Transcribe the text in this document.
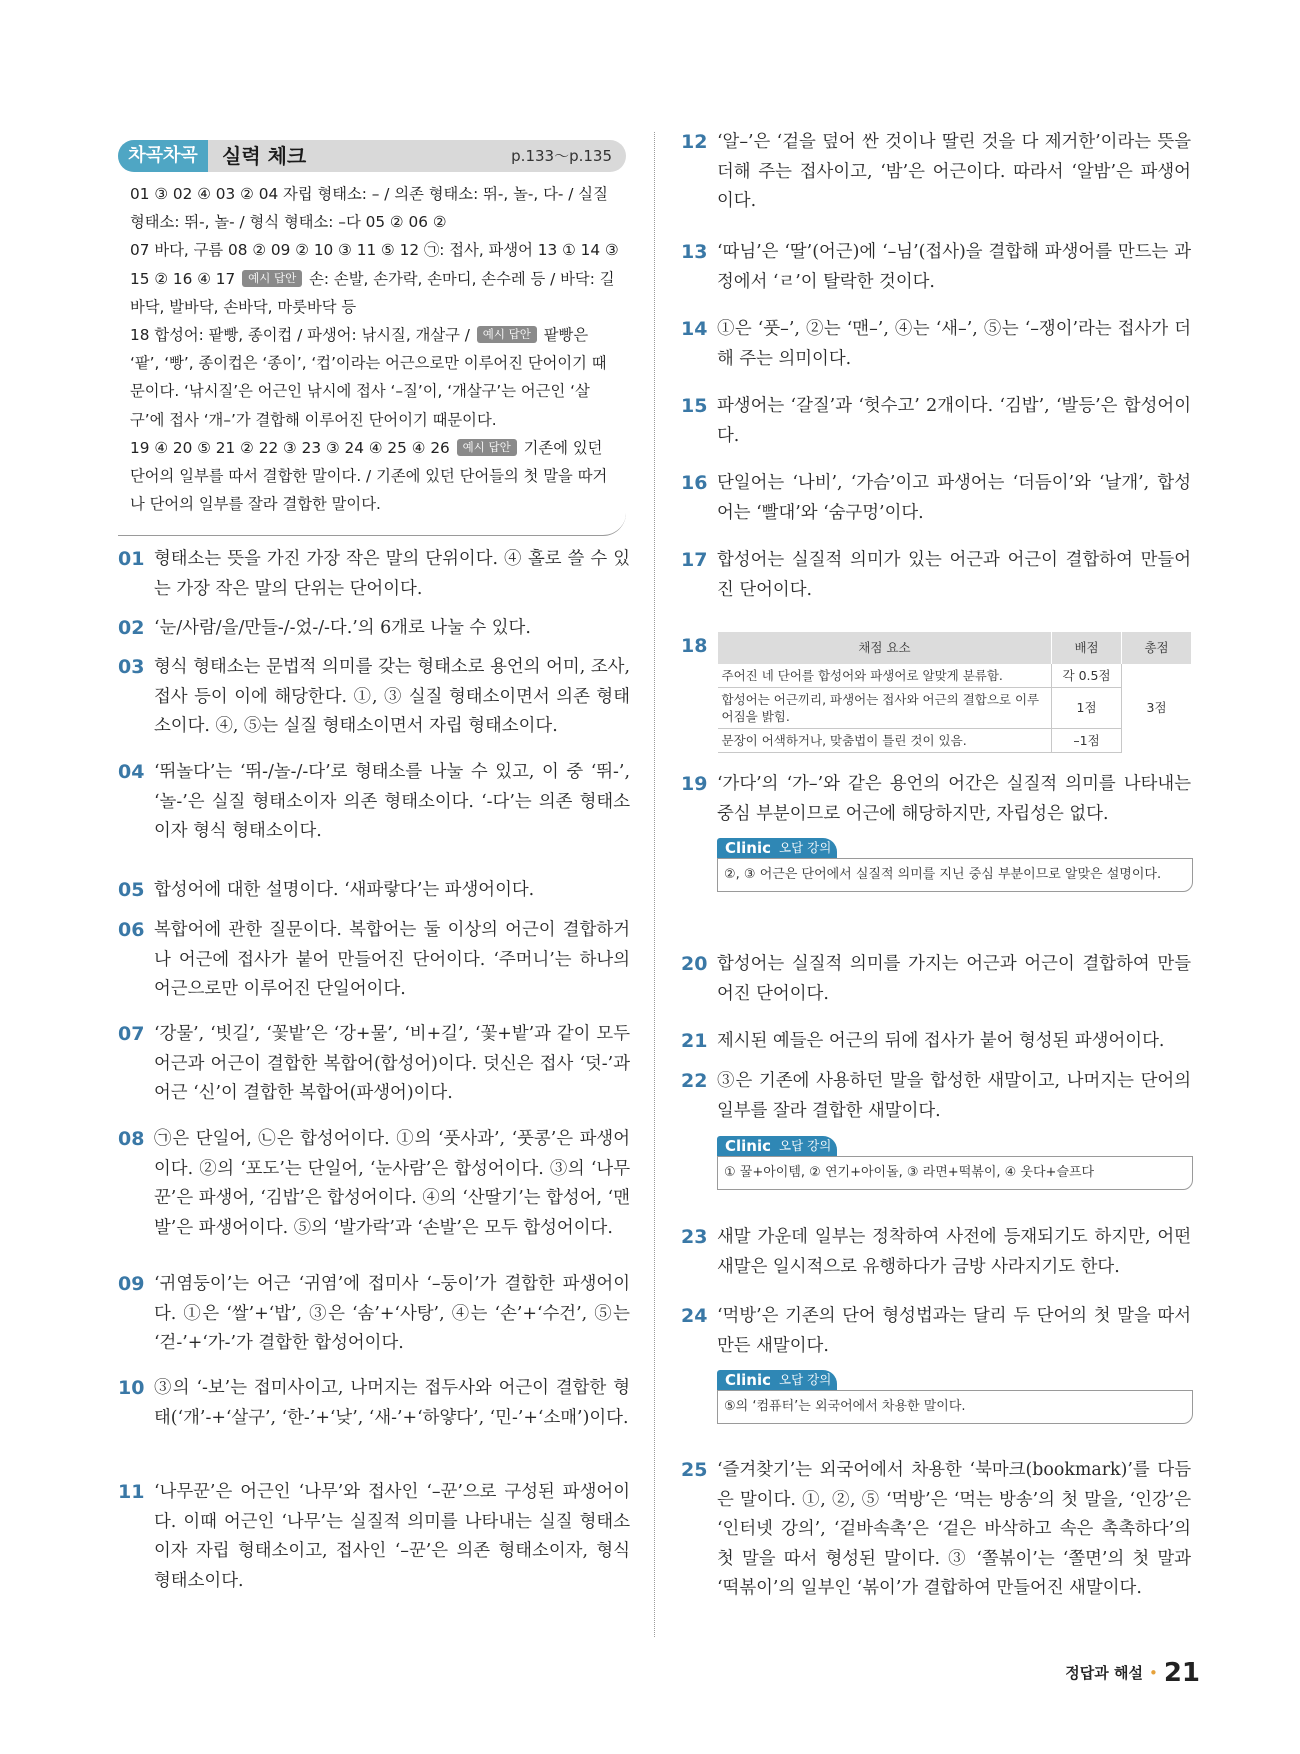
차곡차곡	실력 체크	p.133～p.135
01 ③ 02 ④ 03 ② 04 자립 형태소: – / 의존 형태소: 뛰-, 놀-, 다- / 실질 형태소: 뛰-, 놀- / 형식 형태소: –다 05 ② 06 ②
07 바다, 구름 08 ② 09 ② 10 ③ 11 ⑤ 12 ㉠: 접사, 파생어 13 ① 14 ③ 15 ② 16 ④ 17 예시 답안 손: 손발, 손가락, 손마디, 손수레 등 / 바닥: 길바닥, 발바닥, 손바닥, 마룻바닥 등
18 합성어: 팥빵, 종이컵 / 파생어: 낚시질, 개살구 / 예시 답안 팥빵은 ‘팥’, ‘빵’, 종이컵은 ‘종이’, ‘컵’이라는 어근으로만 이루어진 단어이기 때문이다. ‘낚시질’은 어근인 낚시에 접사 ‘–질’이, ‘개살구’는 어근인 ‘살구’에 접사 ‘개–’가 결합해 이루어진 단어이기 때문이다.
19 ④ 20 ⑤ 21 ② 22 ③ 23 ③ 24 ④ 25 ④ 26 예시 답안 기존에 있던 단어의 일부를 따서 결합한 말이다. / 기존에 있던 단어들의 첫 말을 따거나 단어의 일부를 잘라 결합한 말이다.
01 형태소는 뜻을 가진 가장 작은 말의 단위이다. ④ 홀로 쓸 수 있는 가장 작은 말의 단위는 단어이다.
02 ‘눈/사람/을/만들-/-었-/-다.’의 6개로 나눌 수 있다.
03 형식 형태소는 문법적 의미를 갖는 형태소로 용언의 어미, 조사, 접사 등이 이에 해당한다. ①, ③ 실질 형태소이면서 의존 형태소이다. ④, ⑤는 실질 형태소이면서 자립 형태소이다.
04 ‘뛰놀다’는 ‘뛰-/놀-/-다’로 형태소를 나눌 수 있고, 이 중 ‘뛰-’, ‘놀-’은 실질 형태소이자 의존 형태소이다. ‘-다’는 의존 형태소이자 형식 형태소이다.
05 합성어에 대한 설명이다. ‘새파랗다’는 파생어이다.
06 복합어에 관한 질문이다. 복합어는 둘 이상의 어근이 결합하거나 어근에 접사가 붙어 만들어진 단어이다. ‘주머니’는 하나의 어근으로만 이루어진 단일어이다.
07 ‘강물’, ‘빗길’, ‘꽃밭’은 ‘강+물’, ‘비+길’, ‘꽃+밭’과 같이 모두 어근과 어근이 결합한 복합어(합성어)이다. 덧신은 접사 ‘덧-’과 어근 ‘신’이 결합한 복합어(파생어)이다.
08 ㉠은 단일어, ㉡은 합성어이다. ①의 ‘풋사과’, ‘풋콩’은 파생어이다. ②의 ‘포도’는 단일어, ‘눈사람’은 합성어이다. ③의 ‘나무꾼’은 파생어, ‘김밥’은 합성어이다. ④의 ‘산딸기’는 합성어, ‘맨발’은 파생어이다. ⑤의 ‘발가락’과 ‘손발’은 모두 합성어이다.
09 ‘귀염둥이’는 어근 ‘귀염’에 접미사 ‘–둥이’가 결합한 파생어이다. ①은 ‘쌀’+‘밥’, ③은 ‘솜’+‘사탕’, ④는 ‘손’+‘수건’, ⑤는 ‘걷-’+‘가-’가 결합한 합성어이다.
10 ③의 ‘-보’는 접미사이고, 나머지는 접두사와 어근이 결합한 형태(‘개’-+‘살구’, ‘한-’+‘낮’, ‘새-’+‘하얗다’, ‘민-’+‘소매’)이다.
11 ‘나무꾼’은 어근인 ‘나무’와 접사인 ‘–꾼’으로 구성된 파생어이다. 이때 어근인 ‘나무’는 실질적 의미를 나타내는 실질 형태소이자 자립 형태소이고, 접사인 ‘–꾼’은 의존 형태소이자, 형식 형태소이다.
12 ‘알–’은 ‘겉을 덮어 싼 것이나 딸린 것을 다 제거한’이라는 뜻을 더해 주는 접사이고, ‘밤’은 어근이다. 따라서 ‘알밤’은 파생어이다.
13 ‘따님’은 ‘딸’(어근)에 ‘–님’(접사)을 결합해 파생어를 만드는 과정에서 ‘ㄹ’이 탈락한 것이다.
14 ①은 ‘풋–’, ②는 ‘맨–’, ④는 ‘새–’, ⑤는 ‘–쟁이’라는 접사가 더해 주는 의미이다.
15 파생어는 ‘갈질’과 ‘헛수고’ 2개이다. ‘김밥’, ‘발등’은 합성어이다.
16 단일어는 ‘나비’, ‘가슴’이고 파생어는 ‘더듬이’와 ‘날개’, 합성어는 ‘빨대’와 ‘숨구멍’이다.
17 합성어는 실질적 의미가 있는 어근과 어근이 결합하여 만들어진 단어이다.
18	채점 요소	배점	총점
주어진 네 단어를 합성어와 파생어로 알맞게 분류함.	각 0.5점	3점
합성어는 어근끼리, 파생어는 접사와 어근의 결합으로 이루어짐을 밝힘.	1점	
문장이 어색하거나, 맞춤법이 틀린 것이 있음.	–1점	
19 ‘가다’의 ‘가–’와 같은 용언의 어간은 실질적 의미를 나타내는 중심 부분이므로 어근에 해당하지만, 자립성은 없다.
Clinic 오답 강의
②, ③ 어근은 단어에서 실질적 의미를 지닌 중심 부분이므로 알맞은 설명이다.
20 합성어는 실질적 의미를 가지는 어근과 어근이 결합하여 만들어진 단어이다.
21 제시된 예들은 어근의 뒤에 접사가 붙어 형성된 파생어이다.
22 ③은 기존에 사용하던 말을 합성한 새말이고, 나머지는 단어의 일부를 잘라 결합한 새말이다.
Clinic 오답 강의
① 꿀+아이템, ② 연기+아이돌, ③ 라면+떡볶이, ④ 웃다+슬프다
23 새말 가운데 일부는 정착하여 사전에 등재되기도 하지만, 어떤 새말은 일시적으로 유행하다가 금방 사라지기도 한다.
24 ‘먹방’은 기존의 단어 형성법과는 달리 두 단어의 첫 말을 따서 만든 새말이다.
Clinic 오답 강의
⑤의 ‘컴퓨터’는 외국어에서 차용한 말이다.
25 ‘즐겨찾기’는 외국어에서 차용한 ‘북마크(bookmark)’를 다듬은 말이다. ①, ②, ⑤ ‘먹방’은 ‘먹는 방송’의 첫 말을, ‘인강’은 ‘인터넷 강의’, ‘겉바속촉’은 ‘겉은 바삭하고 속은 촉촉하다’의 첫 말을 따서 형성된 말이다. ③ ‘쫄볶이’는 ‘쫄면’의 첫 말과 ‘떡볶이’의 일부인 ‘볶이’가 결합하여 만들어진 새말이다.
정답과 해설 • 21
